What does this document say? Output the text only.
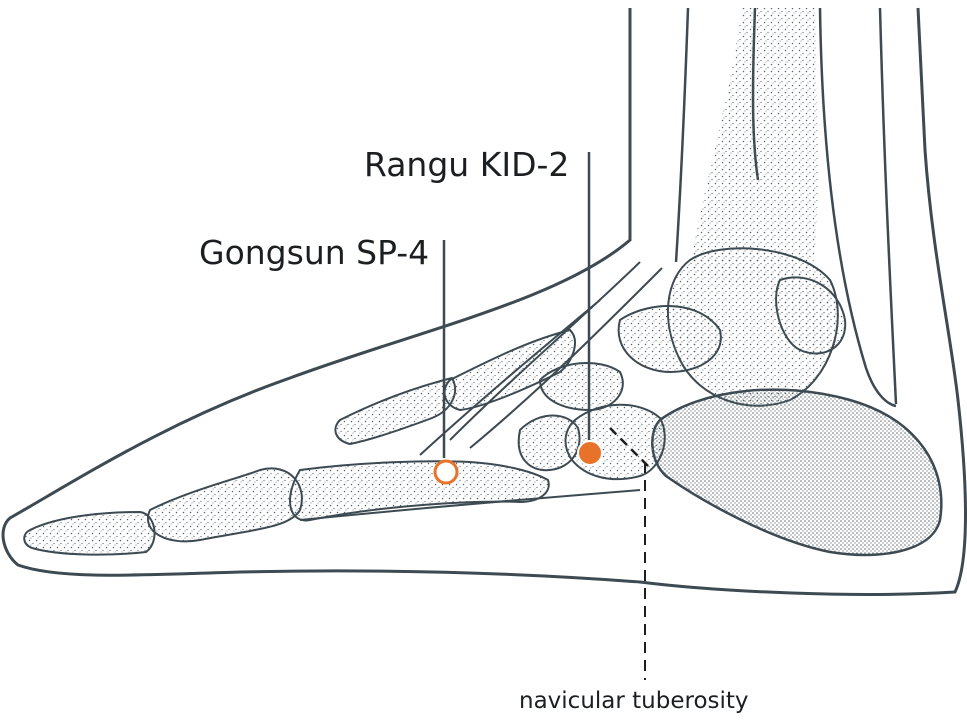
Rangu KID-2
Gongsun SP-4
navicular tuberosity
